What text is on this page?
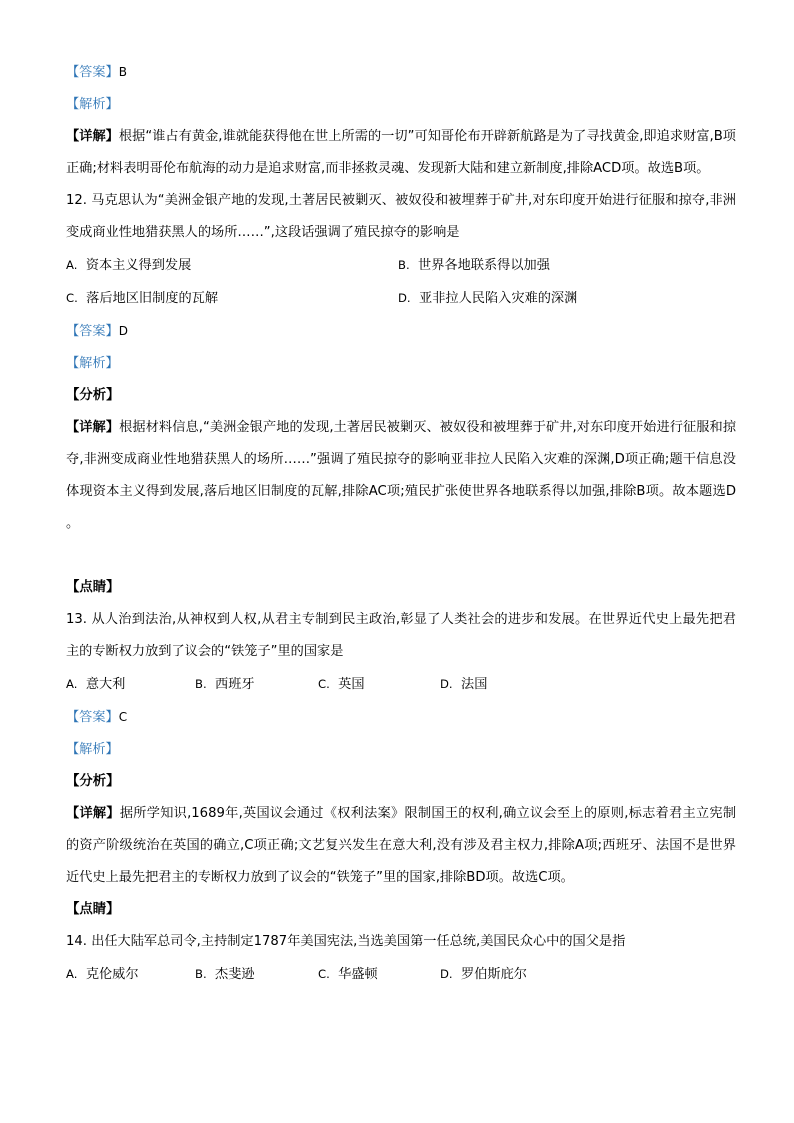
【答案】B
【解析】

【详解】根据“谁占有黄金,谁就能获得他在世上所需的一切”可知哥伦布开辟新航路是为了寻找黄金,即追求财富,B项正确;材料表明哥伦布航海的动力是追求财富,而非拯救灵魂、发现新大陆和建立新制度,排除ACD项。故选B项。

12. 马克思认为“美洲金银产地的发现,土著居民被剿灭、被奴役和被埋葬于矿井,对东印度开始进行征服和掠夺,非洲变成商业性地猎获黑人的场所……”,这段话强调了殖民掠夺的影响是

A. 资本主义得到发展	B. 世界各地联系得以加强
C. 落后地区旧制度的瓦解	D. 亚非拉人民陷入灾难的深渊
【答案】D
【解析】
【分析】

【详解】根据材料信息,“美洲金银产地的发现,土著居民被剿灭、被奴役和被埋葬于矿井,对东印度开始进行征服和掠夺,非洲变成商业性地猎获黑人的场所……”强调了殖民掠夺的影响亚非拉人民陷入灾难的深渊,D项正确;题干信息没体现资本主义得到发展,落后地区旧制度的瓦解,排除AC项;殖民扩张使世界各地联系得以加强,排除B项。故本题选D 。

【点睛】

13. 从人治到法治,从神权到人权,从君主专制到民主政治,彰显了人类社会的进步和发展。在世界近代史上最先把君主的专断权力放到了议会的“铁笼子”里的国家是

A. 意大利	B. 西班牙	C. 英国	D. 法国
【答案】C
【解析】
【分析】

【详解】据所学知识,1689年,英国议会通过《权利法案》限制国王的权利,确立议会至上的原则,标志着君主立宪制的资产阶级统治在英国的确立,C项正确;文艺复兴发生在意大利,没有涉及君主权力,排除A项;西班牙、法国不是世界近代史上最先把君主的专断权力放到了议会的“铁笼子”里的国家,排除BD项。故选C项。

【点睛】

14. 出任大陆军总司令,主持制定1787年美国宪法,当选美国第一任总统,美国民众心中的国父是指

A. 克伦威尔	B. 杰斐逊	C. 华盛顿	D. 罗伯斯庇尔
